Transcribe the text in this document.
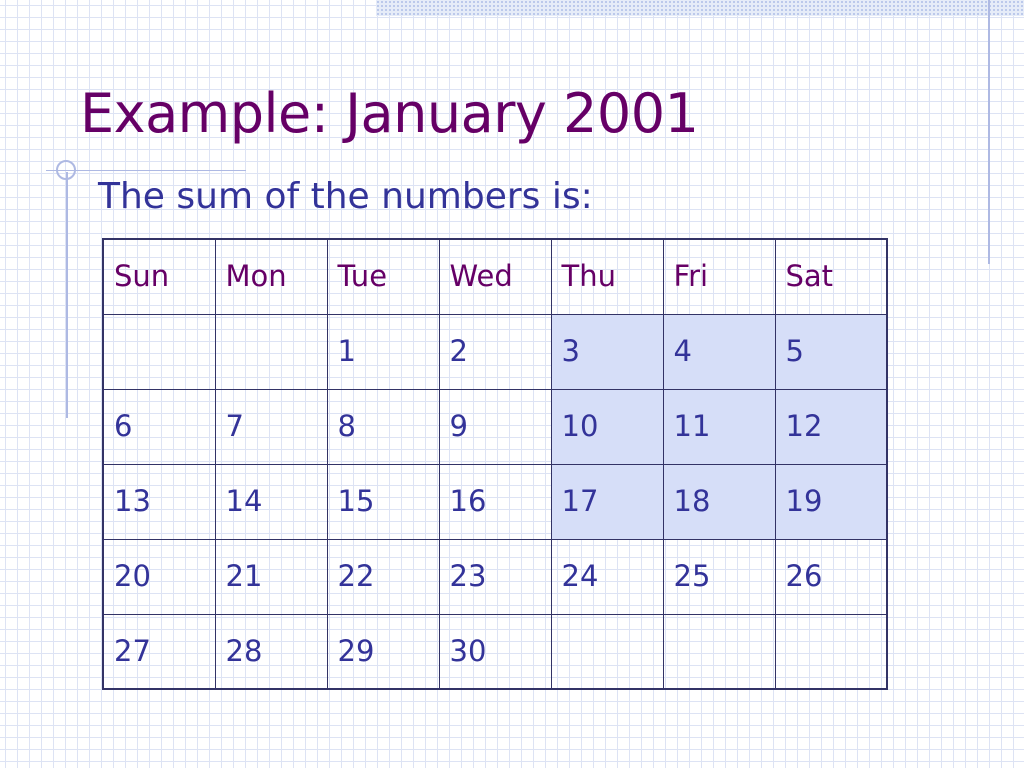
Example: January 2001

The sum of the numbers is:

Sun	Mon	Tue	Wed	Thu	Fri	Sat
		1	2	3	4	5
6	7	8	9	10	11	12
13	14	15	16	17	18	19
20	21	22	23	24	25	26
27	28	29	30			
